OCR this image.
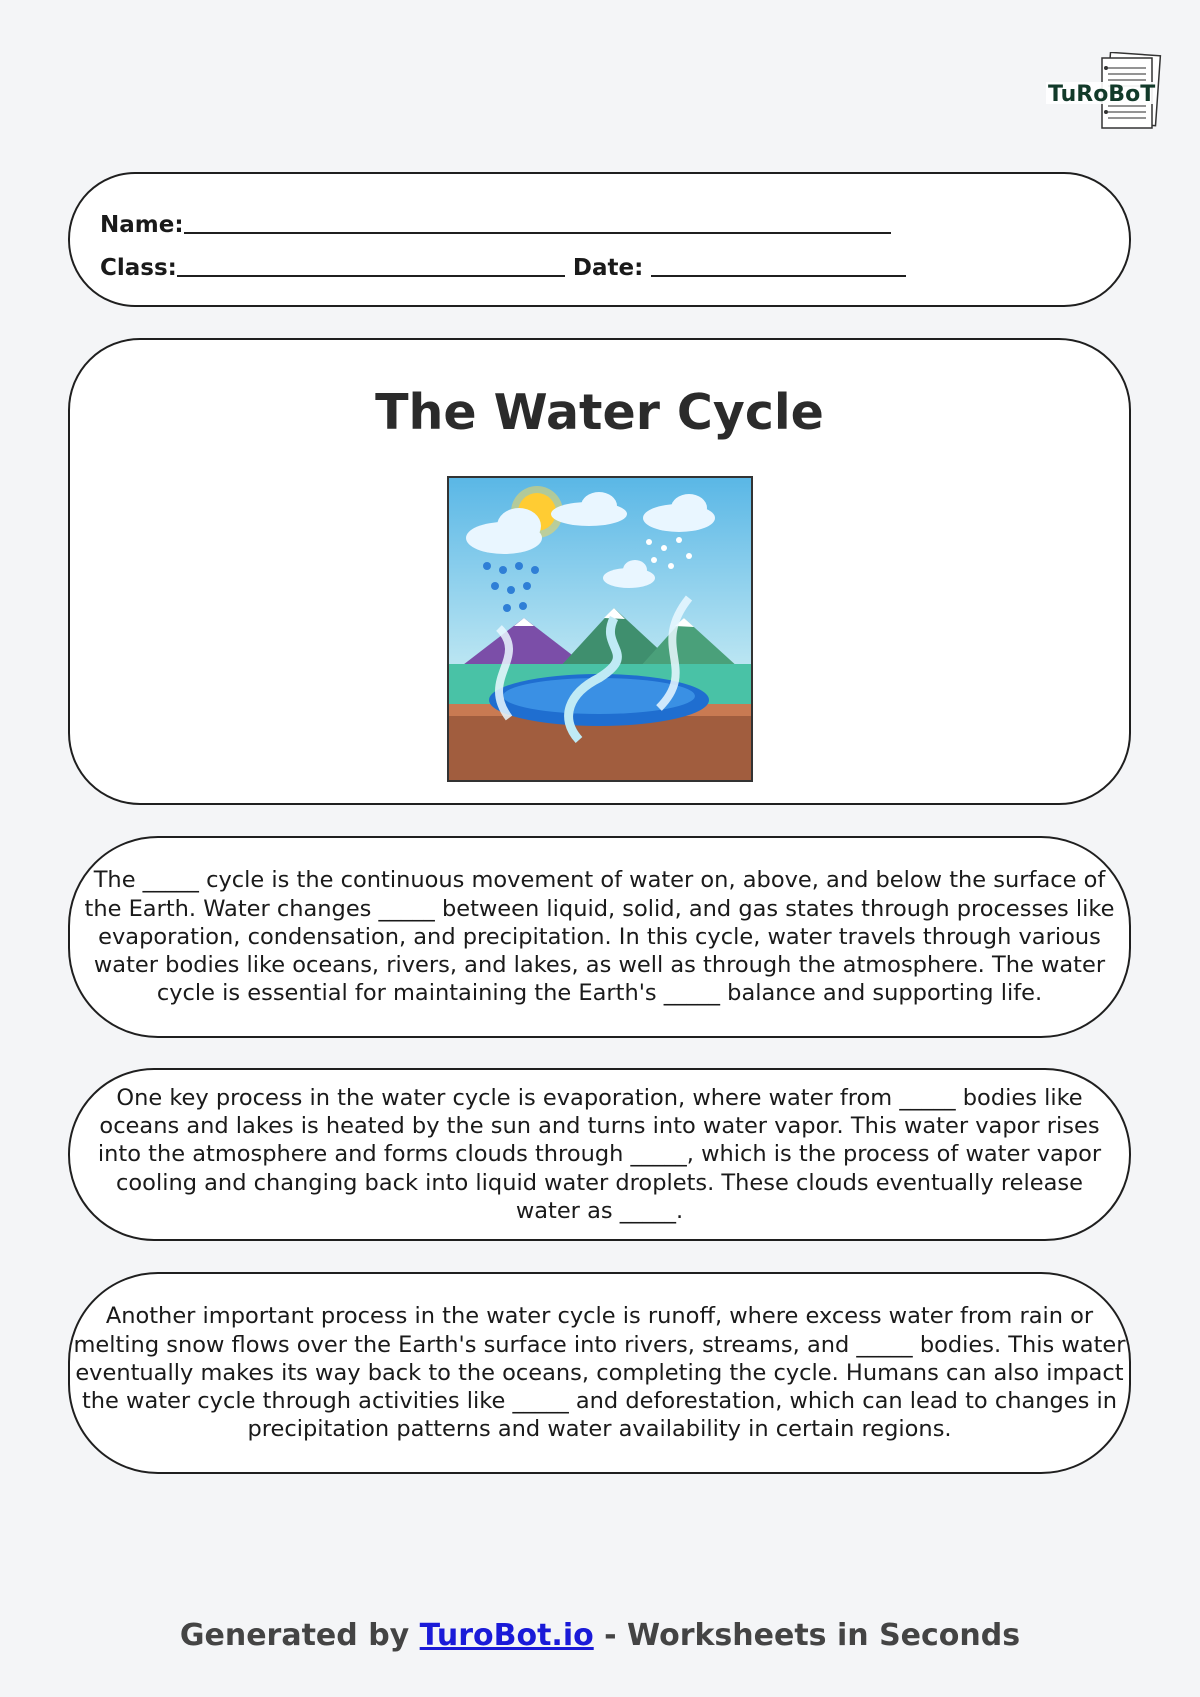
TuRoBoT
Name:
Class:	Date:
The Water Cycle

The _____ cycle is the continuous movement of water on, above, and below the surface of the Earth. Water changes _____ between liquid, solid, and gas states through processes like evaporation, condensation, and precipitation. In this cycle, water travels through various water bodies like oceans, rivers, and lakes, as well as through the atmosphere. The water cycle is essential for maintaining the Earth's _____ balance and supporting life.

One key process in the water cycle is evaporation, where water from _____ bodies like oceans and lakes is heated by the sun and turns into water vapor. This water vapor rises into the atmosphere and forms clouds through _____, which is the process of water vapor cooling and changing back into liquid water droplets. These clouds eventually release water as _____.

Another important process in the water cycle is runoff, where excess water from rain or melting snow flows over the Earth's surface into rivers, streams, and _____ bodies. This water eventually makes its way back to the oceans, completing the cycle. Humans can also impact the water cycle through activities like _____ and deforestation, which can lead to changes in precipitation patterns and water availability in certain regions.

Generated by TuroBot.io - Worksheets in Seconds
